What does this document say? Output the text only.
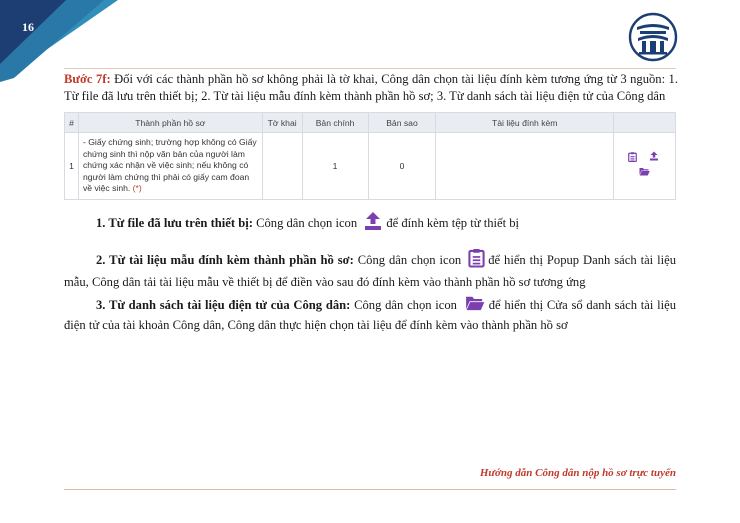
16
Bước 7f: Đối với các thành phần hồ sơ không phải là tờ khai, Công dân chọn tài liệu đính kèm tương ứng từ 3 nguồn: 1. Từ file đã lưu trên thiết bị; 2. Từ tài liệu mẫu đính kèm thành phần hồ sơ; 3. Từ danh sách tài liệu điện tử của Công dân
#	Thành phần hồ sơ	Tờ khai	Bản chính	Bản sao	Tài liệu đính kèm	
1	- Giấy chứng sinh; trường hợp không có Giấy chứng sinh thì nộp văn bản của người làm chứng xác nhận về việc sinh; nếu không có người làm chứng thì phải có giấy cam đoan về việc sinh. (*)		1	0		
1. Từ file đã lưu trên thiết bị: Công dân chọn icon để đính kèm tệp từ thiết bị
2. Từ tài liệu mẫu đính kèm thành phần hồ sơ: Công dân chọn icon để hiển thị Popup Danh sách tài liệu mẫu, Công dân tải tài liệu mẫu về thiết bị để điền vào sau đó đính kèm vào thành phần hồ sơ tương ứng
3. Từ danh sách tài liệu điện tử của Công dân: Công dân chọn icon	để hiển thị Cửa sổ danh sách tài liệu điện tử của tài khoản Công dân, Công dân thực hiện chọn tài liệu để đính kèm vào thành phần hồ sơ
Hướng dẫn Công dân nộp hồ sơ trực tuyến
